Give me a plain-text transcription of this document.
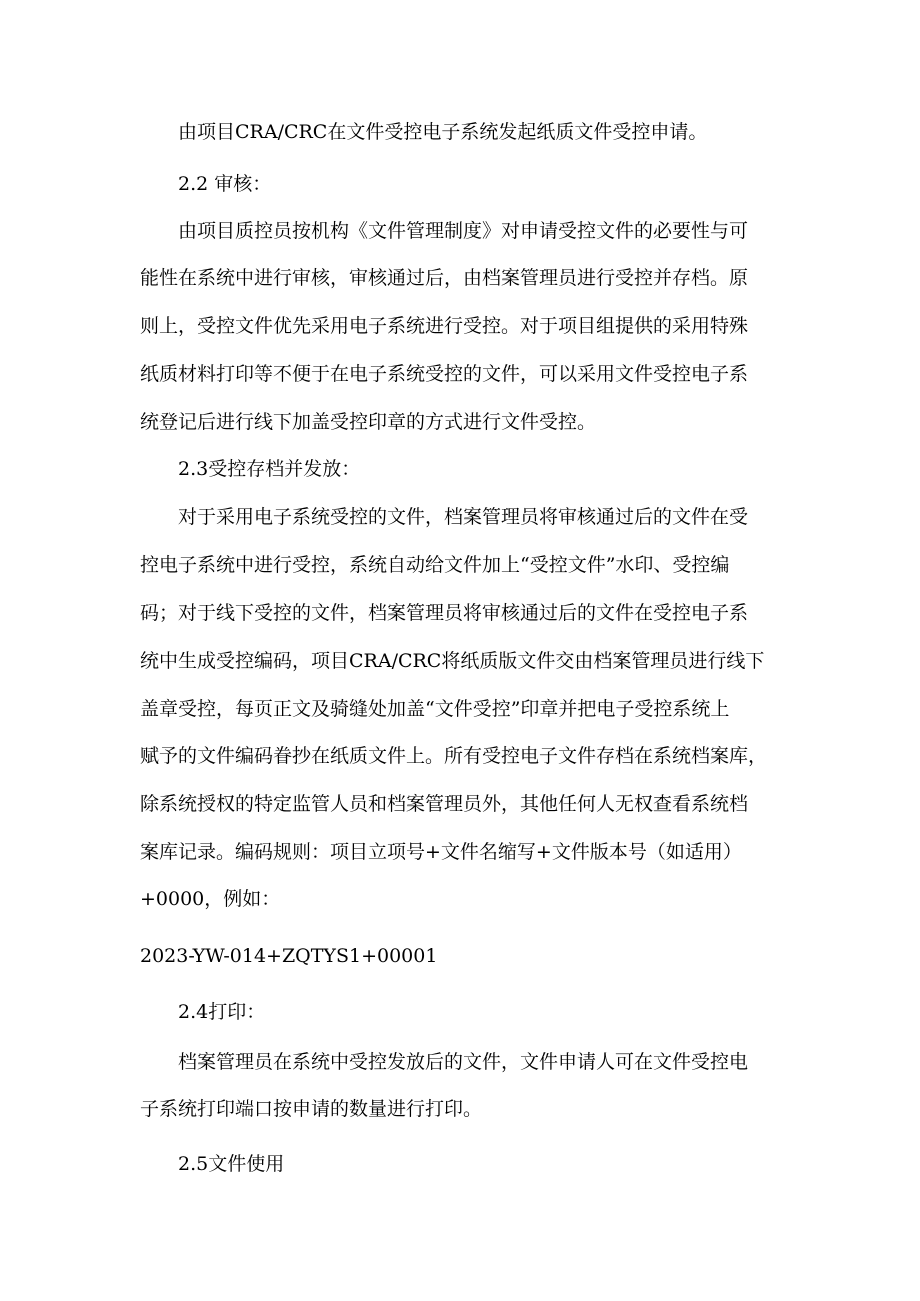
由项目CRA/CRC在文件受控电子系统发起纸质文件受控申请。
2.2 审核：
由项目质控员按机构《文件管理制度》对申请受控文件的必要性与可
能性在系统中进行审核，审核通过后，由档案管理员进行受控并存档。原
则上，受控文件优先采用电子系统进行受控。对于项目组提供的采用特殊
纸质材料打印等不便于在电子系统受控的文件，可以采用文件受控电子系
统登记后进行线下加盖受控印章的方式进行文件受控。
2.3受控存档并发放：
对于采用电子系统受控的文件，档案管理员将审核通过后的文件在受
控电子系统中进行受控，系统自动给文件加上“受控文件”水印、受控编
码；对于线下受控的文件，档案管理员将审核通过后的文件在受控电子系
统中生成受控编码，项目CRA/CRC将纸质版文件交由档案管理员进行线下
盖章受控，每页正文及骑缝处加盖“文件受控”印章并把电子受控系统上
赋予的文件编码眷抄在纸质文件上。所有受控电子文件存档在系统档案库，
除系统授权的特定监管人员和档案管理员外，其他任何人无权查看系统档
案库记录。编码规则：项目立项号+文件名缩写+文件版本号（如适用）
+0000，例如：
2023-YW-014+ZQTYS1+00001
2.4打印：
档案管理员在系统中受控发放后的文件，文件申请人可在文件受控电
子系统打印端口按申请的数量进行打印。
2.5文件使用
